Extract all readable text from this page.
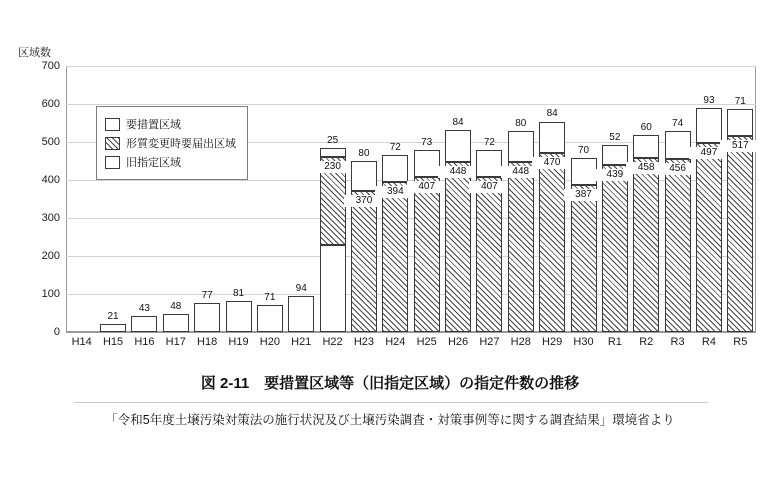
区域数
0
100
200
300
400
500
600
700
21
43	48
77	81	71
94
230
25
370
80
394
72
407
73
448
84
407
72
448
80
470
84
387
70
439
52
458
60
456
74
497
93
517
71
H14	H15	H16	H17	H18	H19	H20	H21	H22	H23	H24	H25	H26	H27	H28	H29	H30	R1	R2	R3	R4	R5
要措置区域
形質変更時要届出区域
旧指定区域
図 2-11　要措置区域等（旧指定区域）の指定件数の推移
「令和5年度土壌汚染対策法の施行状況及び土壌汚染調査・対策事例等に関する調査結果」環境省より
